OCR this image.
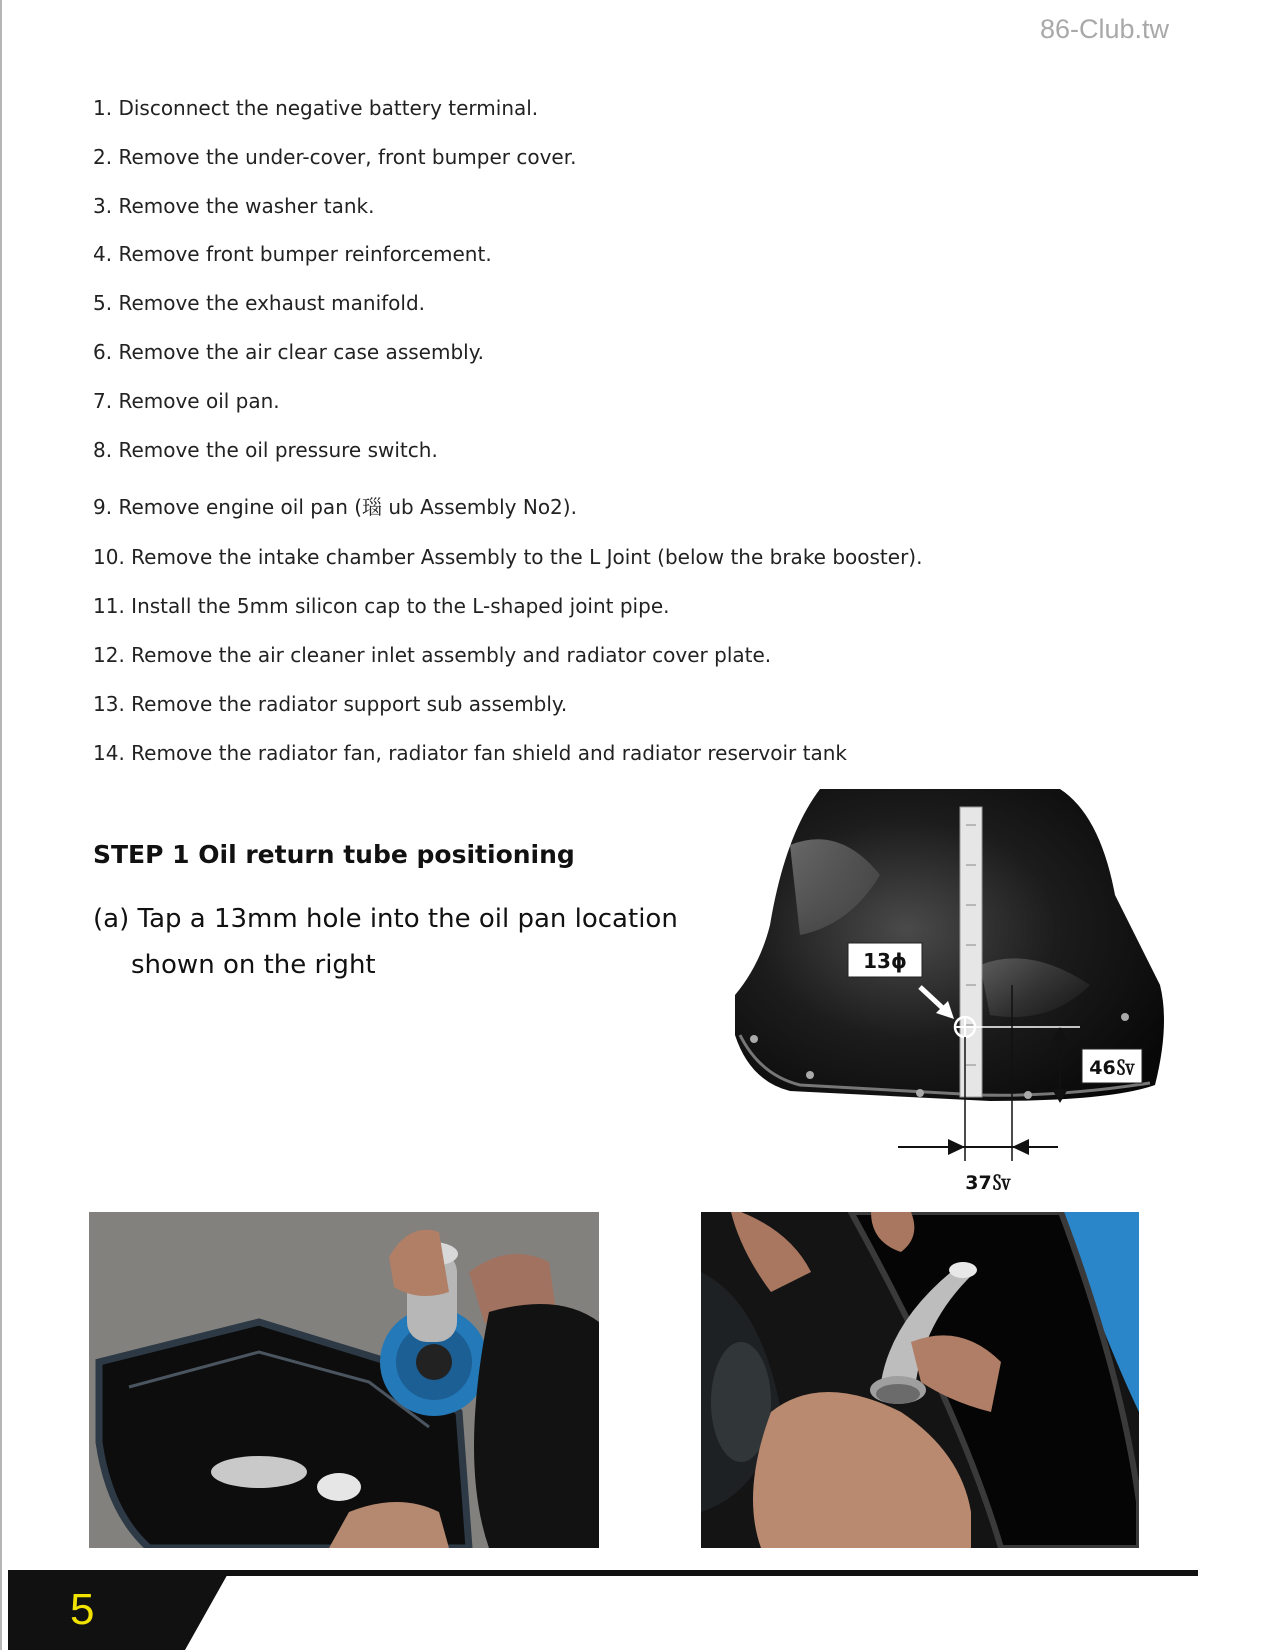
86-Club.tw
1. Disconnect the negative battery terminal.
2. Remove the under-cover, front bumper cover.
3. Remove the washer tank.
4. Remove front bumper reinforcement.
5. Remove the exhaust manifold.
6. Remove the air clear case assembly.
7. Remove oil pan.
8. Remove the oil pressure switch.
9. Remove engine oil pan (瑙 ub Assembly No2).
10. Remove the intake chamber Assembly to the L Joint (below the brake booster).
11. Install the 5mm silicon cap to the L-shaped joint pipe.
12. Remove the air cleaner inlet assembly and radiator cover plate.
13. Remove the radiator support sub assembly.
14. Remove the radiator fan, radiator fan shield and radiator reservoir tank
STEP 1 Oil return tube positioning

(a) Tap a 13mm hole into the oil pan location
shown on the right	13ϕ
46㏜
37㏜
5
